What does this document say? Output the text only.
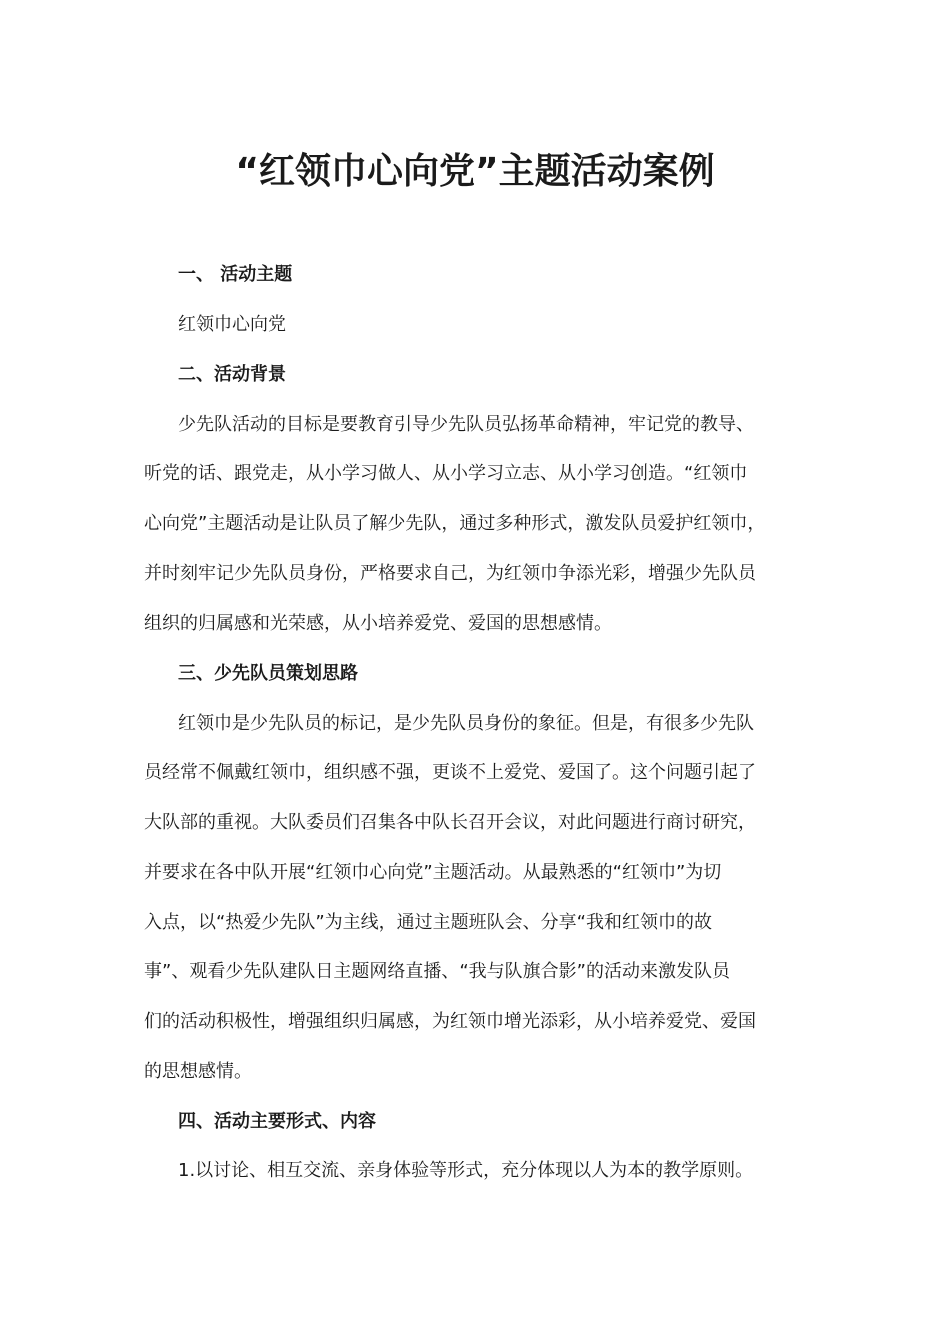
“红领巾心向党”主题活动案例
一、 活动主题

红领巾心向党

二、活动背景

少先队活动的目标是要教育引导少先队员弘扬革命精神，牢记党的教导、

听党的话、跟党走，从小学习做人、从小学习立志、从小学习创造。“红领巾

心向党”主题活动是让队员了解少先队，通过多种形式，激发队员爱护红领巾，

并时刻牢记少先队员身份，严格要求自己，为红领巾争添光彩，增强少先队员

组织的归属感和光荣感，从小培养爱党、爱国的思想感情。

三、少先队员策划思路

红领巾是少先队员的标记，是少先队员身份的象征。但是，有很多少先队

员经常不佩戴红领巾，组织感不强，更谈不上爱党、爱国了。这个问题引起了

大队部的重视。大队委员们召集各中队长召开会议，对此问题进行商讨研究，

并要求在各中队开展“红领巾心向党”主题活动。从最熟悉的“红领巾”为切

入点，以“热爱少先队”为主线，通过主题班队会、分享“我和红领巾的故

事”、观看少先队建队日主题网络直播、“我与队旗合影”的活动来激发队员

们的活动积极性，增强组织归属感，为红领巾增光添彩，从小培养爱党、爱国

的思想感情。

四、活动主要形式、内容

1.以讨论、相互交流、亲身体验等形式，充分体现以人为本的教学原则。
